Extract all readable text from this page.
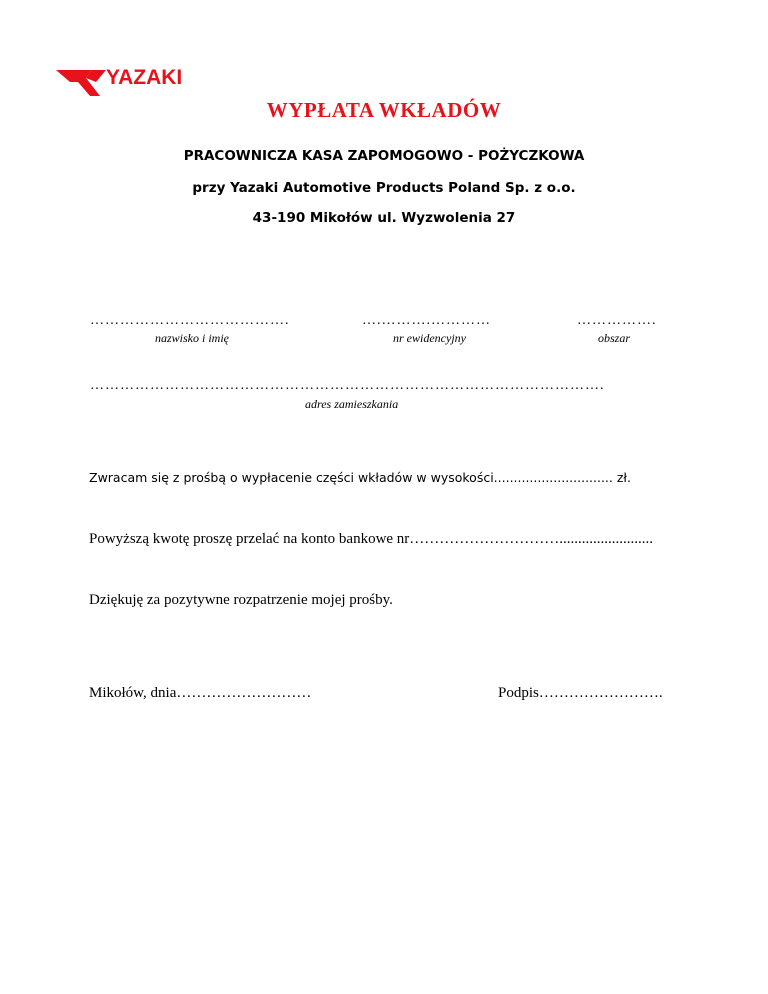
YAZAKI
WYPŁATA WKŁADÓW
PRACOWNICZA KASA ZAPOMOGOWO - POŻYCZKOWA
przy Yazaki Automotive Products Poland Sp. z o.o.
43-190 Mikołów ul. Wyzwolenia 27
………………………………….
nazwisko i imię
….……….…………
nr ewidencyjny
…………….
obszar
………………………………………………………………………………………….
adres zamieszkania
Zwracam się z prośbą o wypłacenie części wkładów w wysokości.............................. zł.
Powyższą kwotę proszę przelać na konto bankowe nr………………………….........................
Dziękuję za pozytywne rozpatrzenie mojej prośby.
Mikołów, dnia………………………	Podpis…………………….
